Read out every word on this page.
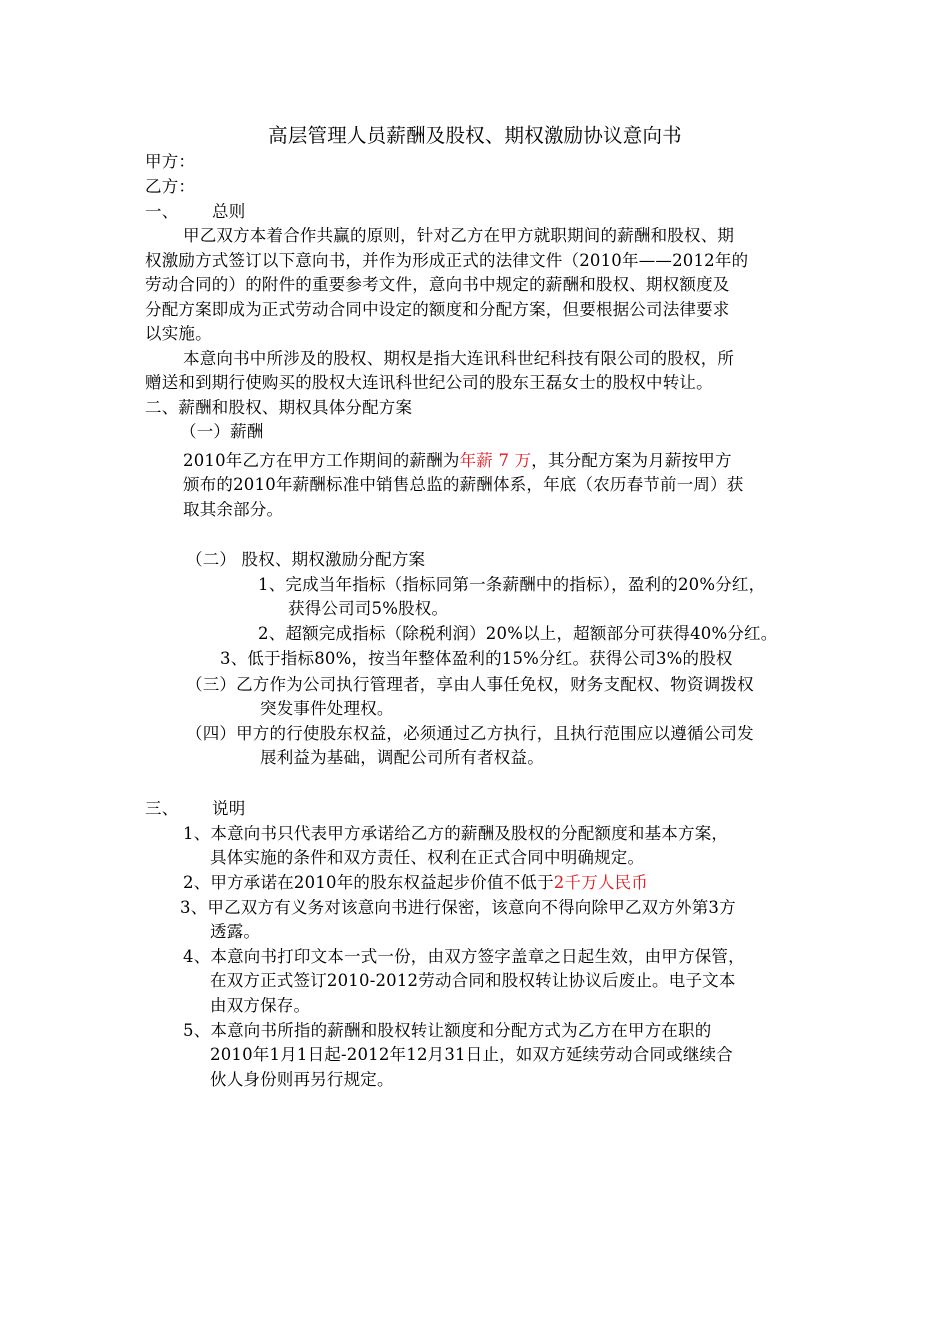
高层管理人员薪酬及股权、期权激励协议意向书
甲方：
乙方：
一、 总则
甲乙双方本着合作共赢的原则，针对乙方在甲方就职期间的薪酬和股权、期
权激励方式签订以下意向书，并作为形成正式的法律文件（2010年——2012年的
劳动合同的）的附件的重要参考文件，意向书中规定的薪酬和股权、期权额度及
分配方案即成为正式劳动合同中设定的额度和分配方案，但要根据公司法律要求
以实施。
本意向书中所涉及的股权、期权是指大连讯科世纪科技有限公司的股权，所
赠送和到期行使购买的股权大连讯科世纪公司的股东王磊女士的股权中转让。
二、薪酬和股权、期权具体分配方案
（一）薪酬
2010年乙方在甲方工作期间的薪酬为年薪 7 万，其分配方案为月薪按甲方
颁布的2010年薪酬标准中销售总监的薪酬体系，年底（农历春节前一周）获
取其余部分。
（二） 股权、期权激励分配方案
1、完成当年指标（指标同第一条薪酬中的指标），盈利的20%分红，
获得公司司5%股权。
2、超额完成指标（除税利润）20%以上，超额部分可获得40%分红。
3、低于指标80%，按当年整体盈利的15%分红。获得公司3%的股权
（三）乙方作为公司执行管理者，享由人事任免权，财务支配权、物资调拨权
突发事件处理权。
（四）甲方的行使股东权益，必须通过乙方执行，且执行范围应以遵循公司发
展利益为基础，调配公司所有者权益。
三、 说明
1、本意向书只代表甲方承诺给乙方的薪酬及股权的分配额度和基本方案，
具体实施的条件和双方责任、权利在正式合同中明确规定。
2、甲方承诺在2010年的股东权益起步价值不低于2千万人民币
3、甲乙双方有义务对该意向书进行保密，该意向不得向除甲乙双方外第3方
透露。
4、本意向书打印文本一式一份，由双方签字盖章之日起生效，由甲方保管，
在双方正式签订2010-2012劳动合同和股权转让协议后废止。电子文本
由双方保存。
5、本意向书所指的薪酬和股权转让额度和分配方式为乙方在甲方在职的
2010年1月1日起-2012年12月31日止，如双方延续劳动合同或继续合
伙人身份则再另行规定。
